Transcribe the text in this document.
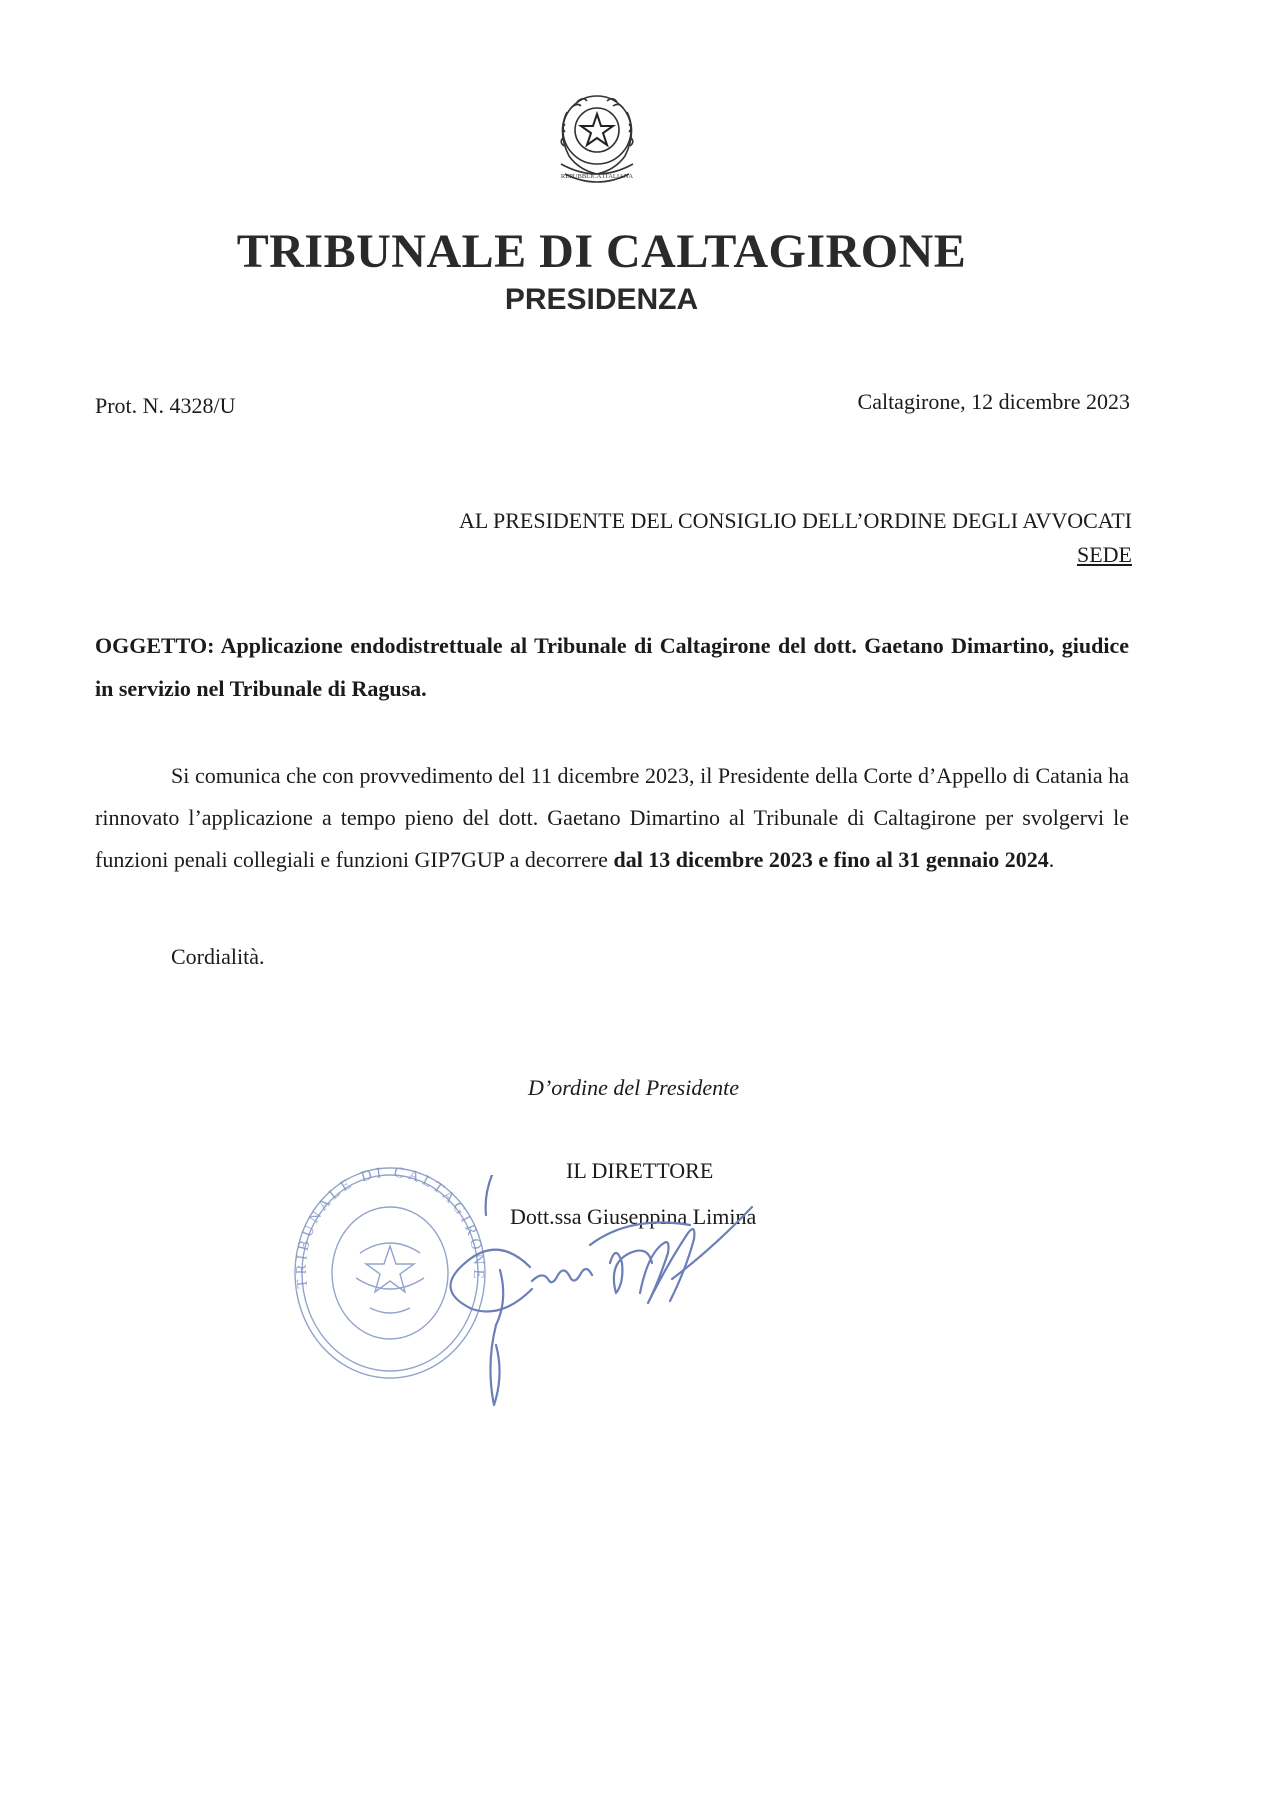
REPUBBLICA ITALIANA
TRIBUNALE DI CALTAGIRONE
PRESIDENZA
Prot. N. 4328/U	Caltagirone, 12 dicembre 2023
AL PRESIDENTE DEL CONSIGLIO DELL’ORDINE DEGLI AVVOCATI
SEDE
OGGETTO: Applicazione endodistrettuale al Tribunale di Caltagirone del dott. Gaetano Dimartino, giudice in servizio nel Tribunale di Ragusa.
Si comunica che con provvedimento del 11 dicembre 2023, il Presidente della Corte d’Appello di Catania ha rinnovato l’applicazione a tempo pieno del dott. Gaetano Dimartino al Tribunale di Caltagirone per svolgervi le funzioni penali collegiali e funzioni GIP7GUP a decorrere dal 13 dicembre 2023 e fino al 31 gennaio 2024.
Cordialità.
D’ordine del Presidente
IL DIRETTORE
Dott.ssa Giuseppina Limina
TRIBUNALE DI CALTAGIRONE
